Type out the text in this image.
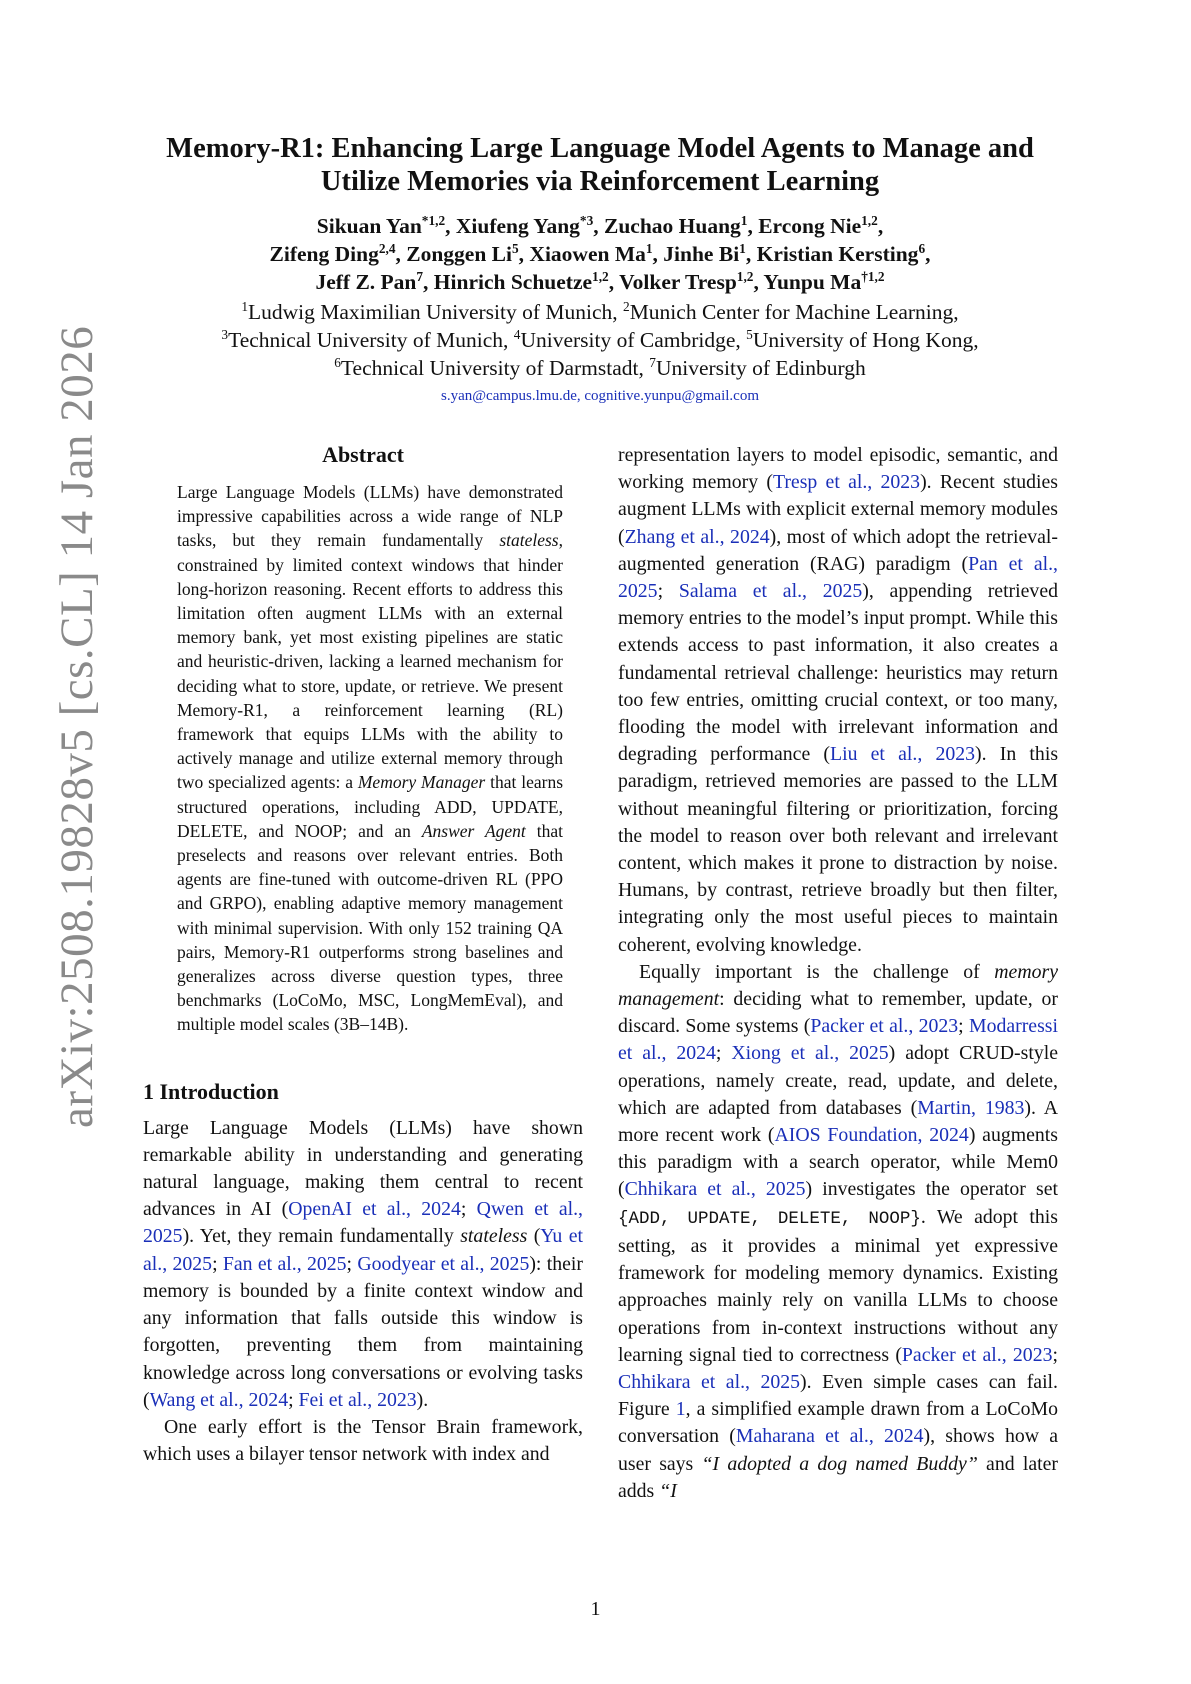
arXiv:2508.19828v5 [cs.CL] 14 Jan 2026
Memory-R1: Enhancing Large Language Model Agents to Manage and
Utilize Memories via Reinforcement Learning
Sikuan Yan$^{*1,2}$, Xiufeng Yang$^{*3}$, Zuchao Huang$^1$, Ercong Nie$^{1,2}$,
Zifeng Ding$^{2,4}$, Zonggen Li$^5$, Xiaowen Ma$^1$, Jinhe Bi$^1$, Kristian Kersting$^6$,
Jeff Z. Pan$^7$, Hinrich Schuetze$^{1,2}$, Volker Tresp$^{1,2}$, Yunpu Ma$^{\dagger 1,2}$
$^1$Ludwig Maximilian University of Munich, $^2$Munich Center for Machine Learning,
$^3$Technical University of Munich, $^4$University of Cambridge, $^5$University of Hong Kong,
$^6$Technical University of Darmstadt, $^7$University of Edinburgh
s.yan@campus.lmu.de, cognitive.yunpu@gmail.com
Abstract
Large Language Models (LLMs) have demonstrated impressive capabilities across a wide range of NLP tasks, but they remain fundamentally stateless, constrained by limited context windows that hinder long-horizon reasoning. Recent efforts to address this limitation often augment LLMs with an external memory bank, yet most existing pipelines are static and heuristic-driven, lacking a learned mechanism for deciding what to store, update, or retrieve. We present Memory-R1, a reinforcement learning (RL) framework that equips LLMs with the ability to actively manage and utilize external memory through two specialized agents: a Memory Manager that learns structured operations, including ADD, UPDATE, DELETE, and NOOP; and an Answer Agent that preselects and reasons over relevant entries. Both agents are fine-tuned with outcome-driven RL (PPO and GRPO), enabling adaptive memory management with minimal supervision. With only 152 training QA pairs, Memory-R1 outperforms strong baselines and generalizes across diverse question types, three benchmarks (LoCoMo, MSC, LongMemEval), and multiple model scales (3B–14B).
1 Introduction

Large Language Models (LLMs) have shown remarkable ability in understanding and generating natural language, making them central to recent advances in AI (OpenAI et al., 2024; Qwen et al., 2025). Yet, they remain fundamentally stateless (Yu et al., 2025; Fan et al., 2025; Goodyear et al., 2025): their memory is bounded by a finite context window and any information that falls outside this window is forgotten, preventing them from maintaining knowledge across long conversations or evolving tasks (Wang et al., 2024; Fei et al., 2023).

One early effort is the Tensor Brain framework, which uses a bilayer tensor network with index and

representation layers to model episodic, semantic, and working memory (Tresp et al., 2023). Recent studies augment LLMs with explicit external memory modules (Zhang et al., 2024), most of which adopt the retrieval-augmented generation (RAG) paradigm (Pan et al., 2025; Salama et al., 2025), appending retrieved memory entries to the model’s input prompt. While this extends access to past information, it also creates a fundamental retrieval challenge: heuristics may return too few entries, omitting crucial context, or too many, flooding the model with irrelevant information and degrading performance (Liu et al., 2023). In this paradigm, retrieved memories are passed to the LLM without meaningful filtering or prioritization, forcing the model to reason over both relevant and irrelevant content, which makes it prone to distraction by noise. Humans, by contrast, retrieve broadly but then filter, integrating only the most useful pieces to maintain coherent, evolving knowledge.

Equally important is the challenge of memory management: deciding what to remember, update, or discard. Some systems (Packer et al., 2023; Modarressi et al., 2024; Xiong et al., 2025) adopt CRUD-style operations, namely create, read, update, and delete, which are adapted from databases (Martin, 1983). A more recent work (AIOS Foundation, 2024) augments this paradigm with a search operator, while Mem0 (Chhikara et al., 2025) investigates the operator set {ADD, UPDATE, DELETE, NOOP}. We adopt this setting, as it provides a minimal yet expressive framework for modeling memory dynamics. Existing approaches mainly rely on vanilla LLMs to choose operations from in-context instructions without any learning signal tied to correctness (Packer et al., 2023; Chhikara et al., 2025). Even simple cases can fail. Figure 1, a simplified example drawn from a LoCoMo conversation (Maharana et al., 2024), shows how a user says “I adopted a dog named Buddy” and later adds “I

1
